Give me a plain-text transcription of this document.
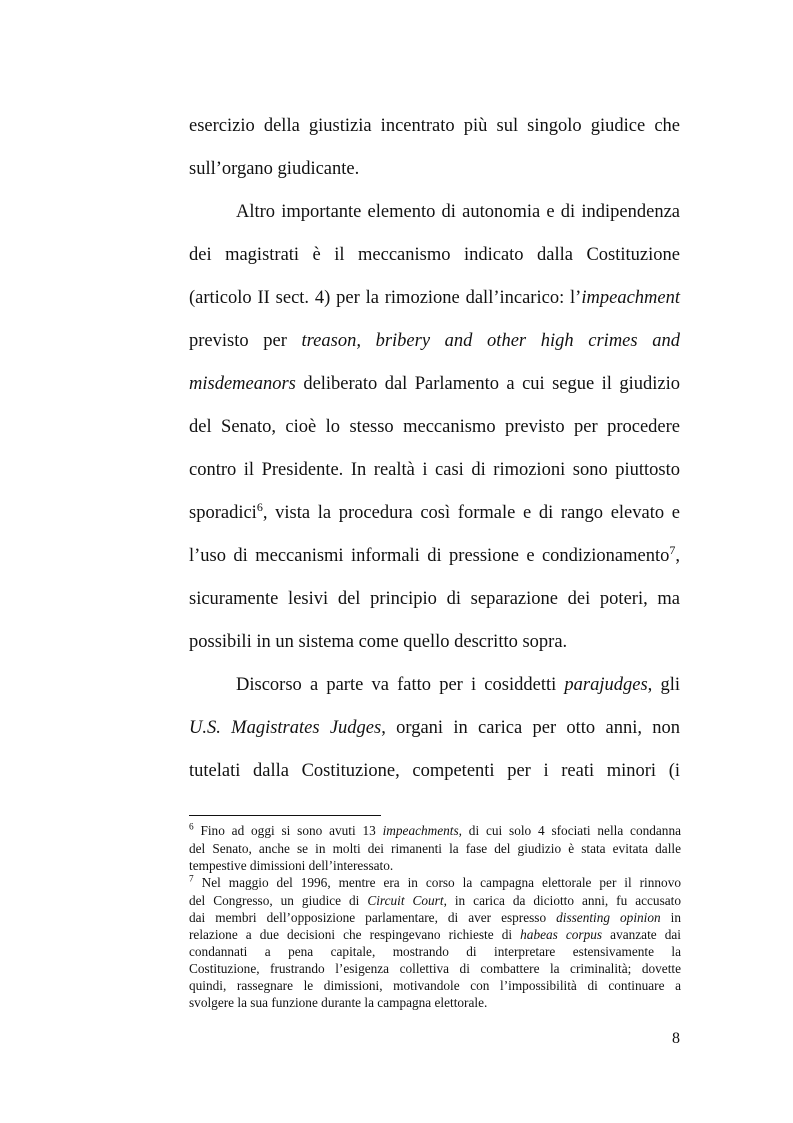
esercizio della giustizia incentrato più sul singolo giudice che
sull’organo giudicante.
Altro importante elemento di autonomia e di indipendenza
dei magistrati è il meccanismo indicato dalla Costituzione
(articolo II sect. 4) per la rimozione dall’incarico: l’impeachment
previsto per treason, bribery and other high crimes and
misdemeanors deliberato dal Parlamento a cui segue il giudizio
del Senato, cioè lo stesso meccanismo previsto per procedere
contro il Presidente. In realtà i casi di rimozioni sono piuttosto
sporadici$^6$, vista la procedura così formale e di rango elevato e
l’uso di meccanismi informali di pressione e condizionamento$^7$,
sicuramente lesivi del principio di separazione dei poteri, ma
possibili in un sistema come quello descritto sopra.
Discorso a parte va fatto per i cosiddetti parajudges, gli
U.S. Magistrates Judges, organi in carica per otto anni, non
tutelati dalla Costituzione, competenti per i reati minori (i
$^6$ Fino ad oggi si sono avuti 13 impeachments, di cui solo 4 sfociati nella condanna
del Senato, anche se in molti dei rimanenti la fase del giudizio è stata evitata dalle
tempestive dimissioni dell’interessato.
$^7$ Nel maggio del 1996, mentre era in corso la campagna elettorale per il rinnovo
del Congresso, un giudice di Circuit Court, in carica da diciotto anni, fu accusato
dai membri dell’opposizione parlamentare, di aver espresso dissenting opinion in
relazione a due decisioni che respingevano richieste di habeas corpus avanzate dai
condannati a pena capitale, mostrando di interpretare estensivamente la
Costituzione, frustrando l’esigenza collettiva di combattere la criminalità; dovette
quindi, rassegnare le dimissioni, motivandole con l’impossibilità di continuare a
svolgere la sua funzione durante la campagna elettorale.
8
